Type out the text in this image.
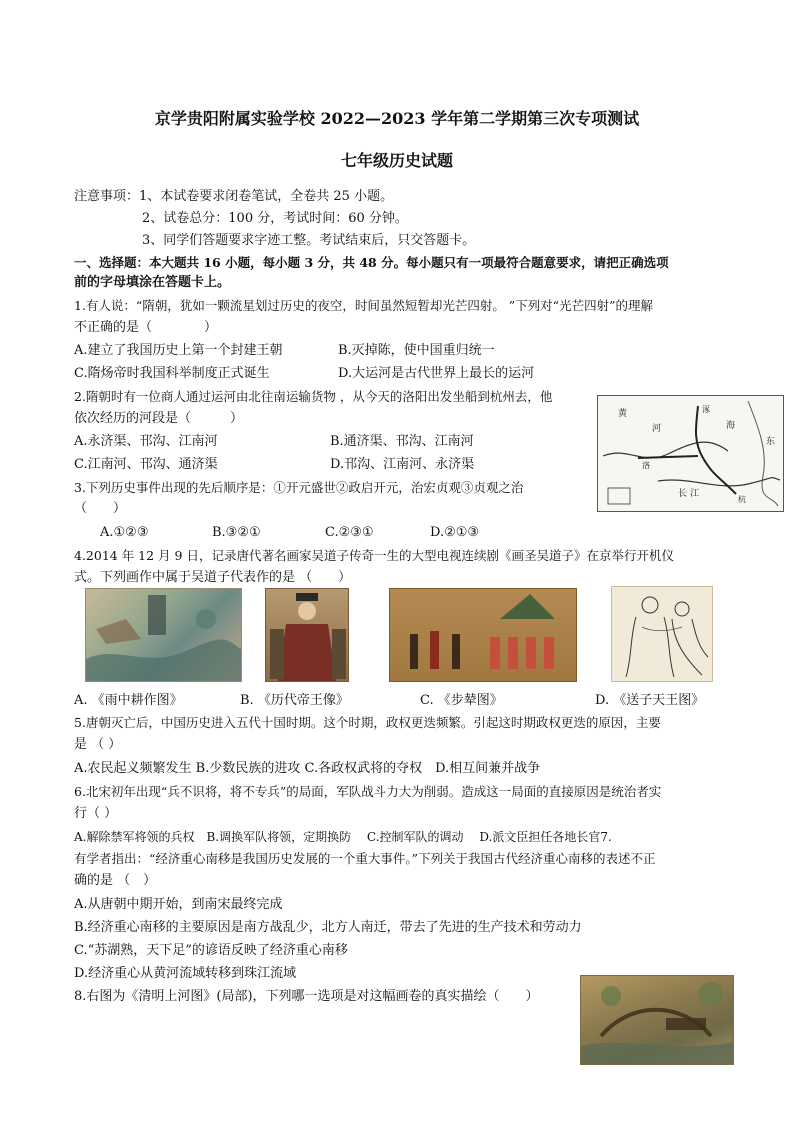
京学贵阳附属实验学校 2022—2023 学年第二学期第三次专项测试
七年级历史试题
注意事项：1、本试卷要求闭卷笔试，全卷共 25 小题。
2、试卷总分：100 分，考试时间：60 分钟。
3、同学们答题要求字迹工整。考试结束后，只交答题卡。
一、选择题：本大题共 16 小题，每小题 3 分，共 48 分。每小题只有一项最符合题意要求，请把正确选项
前的字母填涂在答题卡上。
1.有人说：“隋朝，犹如一颗流星划过历史的夜空，时间虽然短暂却光芒四射。 ”下列对“光芒四射”的理解
不正确的是（　　　　）
A.建立了我国历史上第一个封建王朝	B.灭掉陈，使中国重归统一
C.隋炀帝时我国科举制度正式诞生	D.大运河是古代世界上最长的运河
2.隋朝时有一位商人通过运河由北往南运输货物 ，从今天的洛阳出发坐船到杭州去，他
依次经历的河段是（　　　）
A.永济渠、邗沟、江南河	B.通济渠、邗沟、江南河
C.江南河、邗沟、通济渠	D.邗沟、江南河、永济渠
黄
海
东
长 江
洛
涿
杭
河
3.下列历史事件出现的先后顺序是：①开元盛世②政启开元，治宏贞观③贞观之治
（　　）
A.①②③	B.③②①	C.②③①	D.②①③
4.2014 年 12 月 9 日，记录唐代著名画家吴道子传奇一生的大型电视连续剧《画圣吴道子》在京举行开机仪
式。下列画作中属于吴道子代表作的是 （　　）
A. 《雨中耕作图》	B. 《历代帝王像》	C. 《步辇图》	D. 《送子天王图》
5.唐朝灭亡后，中国历史进入五代十国时期。这个时期，政权更迭频繁。引起这时期政权更迭的原因，主要
是 （ ）
A.农民起义频繁发生 B.少数民族的进攻 C.各政权武将的夺权　D.相互间兼并战争
6.北宋初年出现“兵不识将，将不专兵”的局面，军队战斗力大为削弱。造成这一局面的直接原因是统治者实
行（ ）
A.解除禁军将领的兵权　B.调换军队将领，定期换防　 C.控制军队的调动　 D.派文臣担任各地长官7.
有学者指出：“经济重心南移是我国历史发展的一个重大事件。”下列关于我国古代经济重心南移的表述不正
确的是 （　）
A.从唐朝中期开始，到南宋最终完成
B.经济重心南移的主要原因是南方战乱少，北方人南迁，带去了先进的生产技术和劳动力
C.“苏湖熟，天下足”的谚语反映了经济重心南移
D.经济重心从黄河流域转移到珠江流域
8.右图为《清明上河图》(局部)，下列哪一选项是对这幅画卷的真实描绘（　　）
